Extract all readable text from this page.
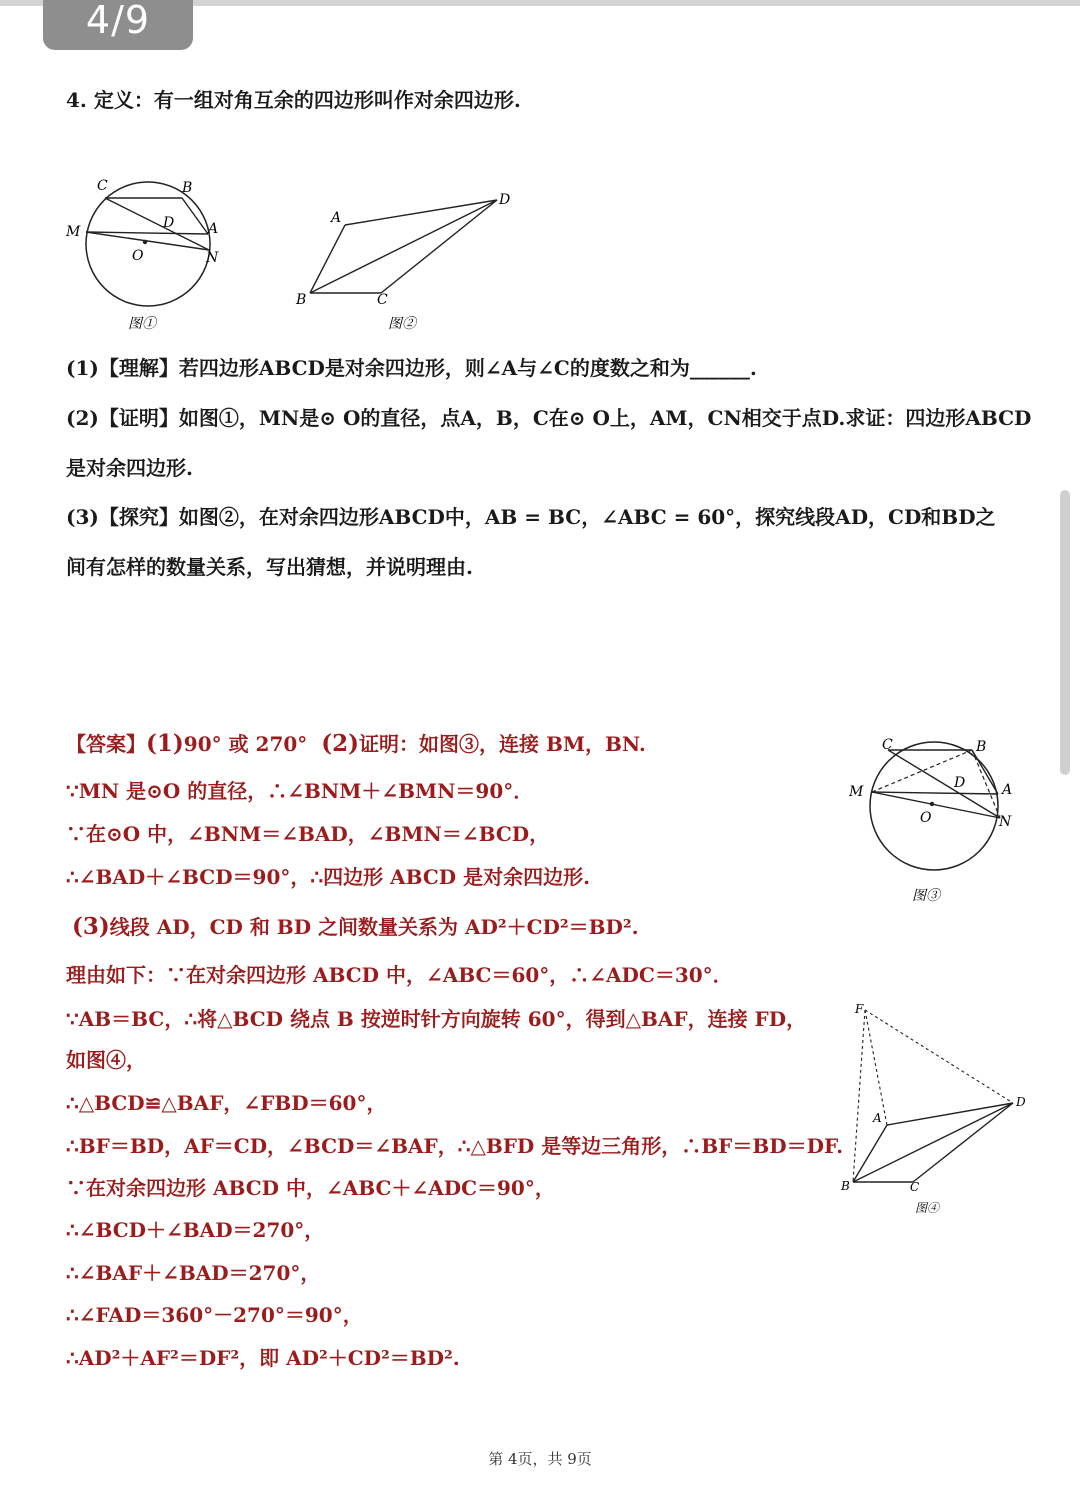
4/9
4. 定义：有一组对角互余的四边形叫作对余四边形.
C	B
M
D A
O	N
图①
A
D
B	C
图②
(1)【理解】若四边形ABCD是对余四边形，则∠A与∠C的度数之和为______.
(2)【证明】如图①，MN是⊙ O的直径，点A，B，C在⊙ O上，AM，CN相交于点D.求证：四边形ABCD
是对余四边形.
(3)【探究】如图②，在对余四边形ABCD中，AB = BC，∠ABC = 60°，探究线段AD，CD和BD之
间有怎样的数量关系，写出猜想，并说明理由.
【答案】(1)90° 或 270° (2)证明：如图③，连接 BM，BN.
∵MN 是⊙O 的直径，∴∠BNM＋∠BMN＝90°．
∵在⊙O 中，∠BNM＝∠BAD，∠BMN＝∠BCD，
∴∠BAD＋∠BCD＝90°，∴四边形 ABCD 是对余四边形.
(3)线段 AD，CD 和 BD 之间数量关系为 AD²＋CD²＝BD².
理由如下：∵在对余四边形 ABCD 中，∠ABC＝60°，∴∠ADC＝30°．
∵AB＝BC，∴将△BCD 绕点 B 按逆时针方向旋转 60°，得到△BAF，连接 FD，
如图④，
∴△BCD≌△BAF，∠FBD＝60°，
∴BF＝BD，AF＝CD，∠BCD＝∠BAF，∴△BFD 是等边三角形，∴BF＝BD＝DF.
∵在对余四边形 ABCD 中，∠ABC＋∠ADC＝90°，
∴∠BCD＋∠BAD＝270°，
∴∠BAF＋∠BAD＝270°，
∴∠FAD＝360°－270°＝90°，
∴AD²＋AF²＝DF²，即 AD²＋CD²＝BD².
C	B
M
D	A
O	N
图③
F
A
D
B	C
图④
第 4页，共 9页
